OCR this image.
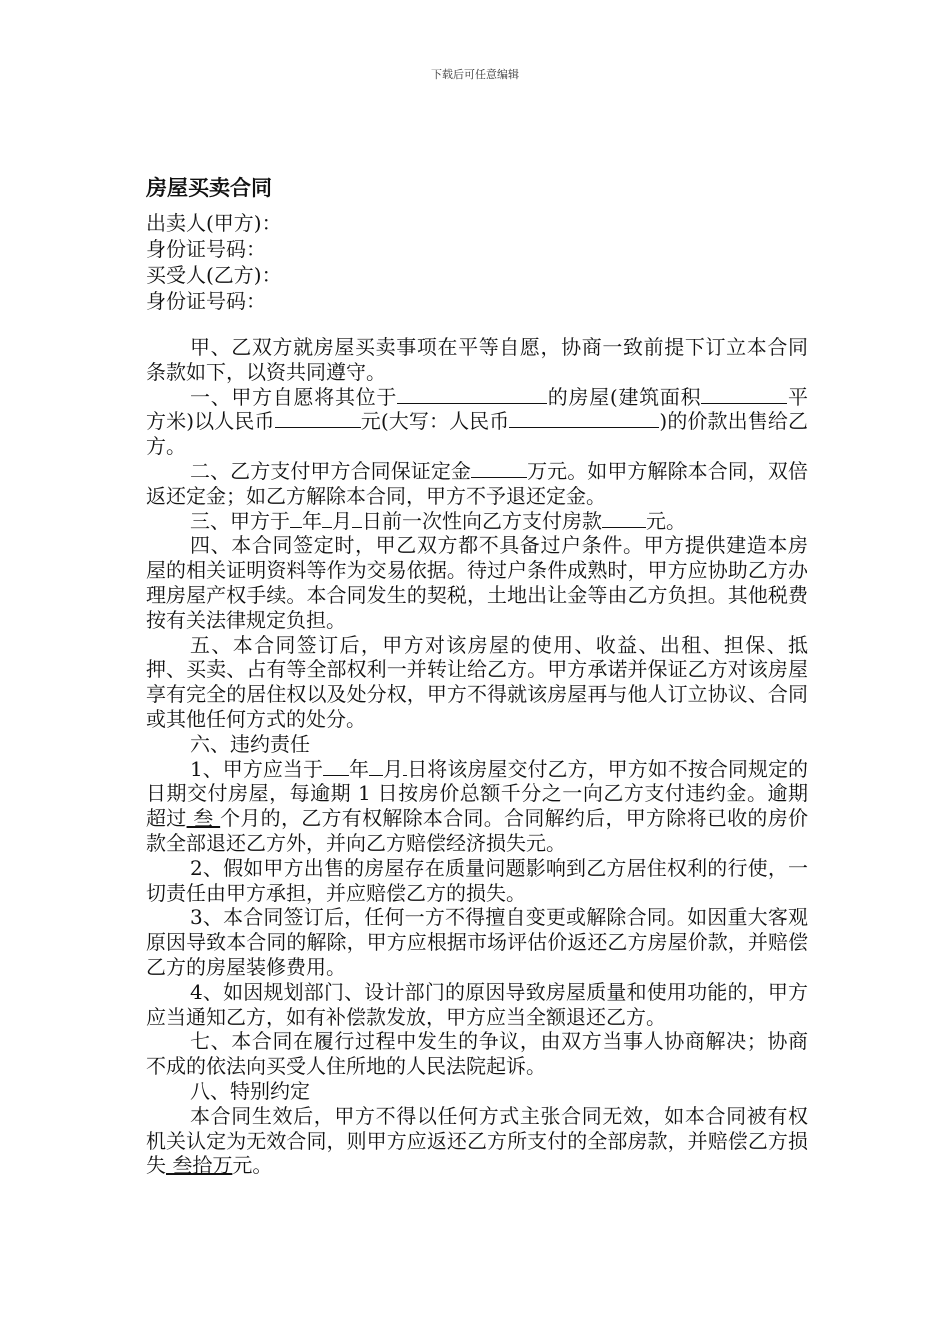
下载后可任意编辑
房屋买卖合同
出卖人(甲方)：
身份证号码：
买受人(乙方)：
身份证号码：

甲、乙双方就房屋买卖事项在平等自愿，协商一致前提下订立本合同条款如下，以资共同遵守。

一、甲方自愿将其位于	的房屋(建筑面积	平方米)以人民币	元(大写：人民币	)的价款出售给乙方。

二、乙方支付甲方合同保证定金	万元。如甲方解除本合同，双倍返还定金；如乙方解除本合同，甲方不予退还定金。

三、甲方于 年 月 日前一次性向乙方支付房款 元。

四、本合同签定时，甲乙双方都不具备过户条件。甲方提供建造本房屋的相关证明资料等作为交易依据。待过户条件成熟时，甲方应协助乙方办理房屋产权手续。本合同发生的契税，土地出让金等由乙方负担。其他税费按有关法律规定负担。

五、本合同签订后，甲方对该房屋的使用、收益、出租、担保、抵押、买卖、占有等全部权利一并转让给乙方。甲方承诺并保证乙方对该房屋享有完全的居住权以及处分权，甲方不得就该房屋再与他人订立协议、合同或其他任何方式的处分。

六、违约责任

1、甲方应当于 年 月 日将该房屋交付乙方，甲方如不按合同规定的日期交付房屋，每逾期 1 日按房价总额千分之一向乙方支付违约金。逾期超过 叁 个月的，乙方有权解除本合同。合同解约后，甲方除将已收的房价款全部退还乙方外，并向乙方赔偿经济损失元。

2、假如甲方出售的房屋存在质量问题影响到乙方居住权利的行使，一切责任由甲方承担，并应赔偿乙方的损失。

3、本合同签订后，任何一方不得擅自变更或解除合同。如因重大客观原因导致本合同的解除，甲方应根据市场评估价返还乙方房屋价款，并赔偿乙方的房屋装修费用。

4、如因规划部门、设计部门的原因导致房屋质量和使用功能的，甲方应当通知乙方，如有补偿款发放，甲方应当全额退还乙方。

七、本合同在履行过程中发生的争议，由双方当事人协商解决；协商不成的依法向买受人住所地的人民法院起诉。

八、特别约定

本合同生效后，甲方不得以任何方式主张合同无效，如本合同被有权机关认定为无效合同，则甲方应返还乙方所支付的全部房款，并赔偿乙方损失 叁拾万元。
